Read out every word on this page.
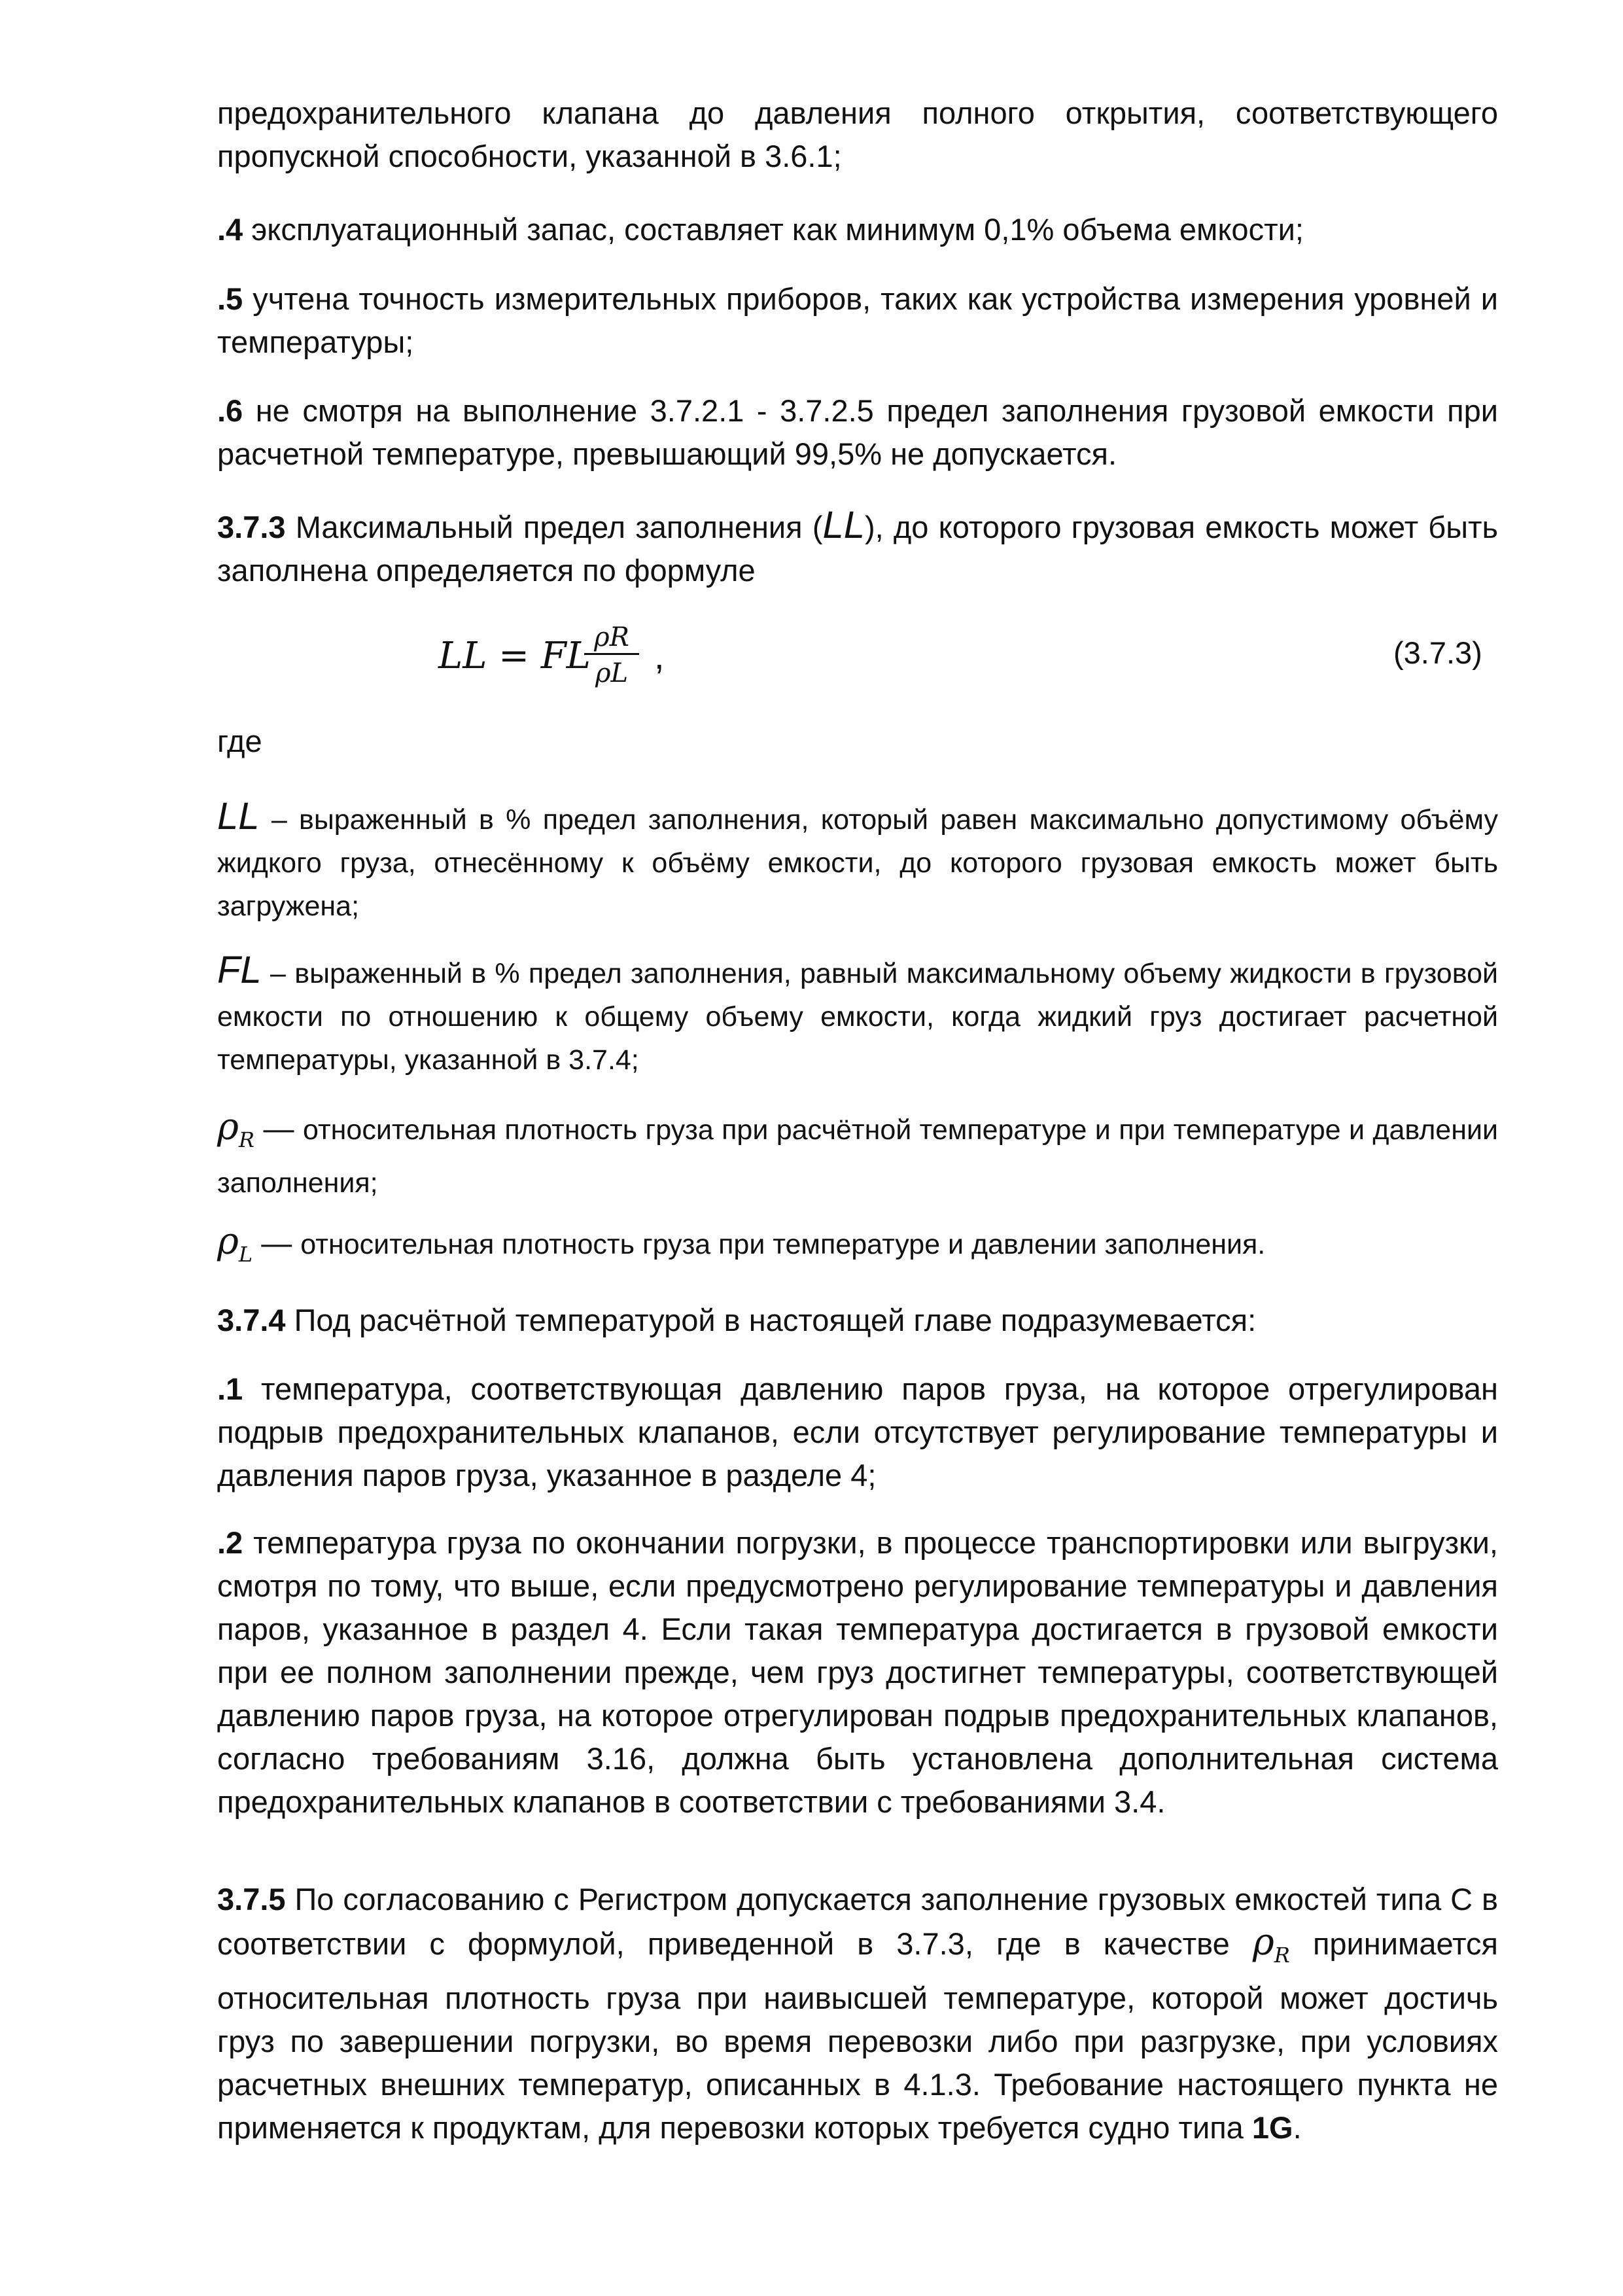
предохранительного клапана до давления полного открытия, соответствующего пропускной способности, указанной в 3.6.1;

.4 эксплуатационный запас, составляет как минимум 0,1% объема емкости;

.5 учтена точность измерительных приборов, таких как устройства измерения уровней и температуры;

.6 не смотря на выполнение 3.7.2.1 - 3.7.2.5 предел заполнения грузовой емкости при расчетной температуре, превышающий 99,5% не допускается.

3.7.3 Максимальный предел заполнения (LL), до которого грузовая емкость может быть заполнена определяется по формуле

LL = FL ρR
ρL ,	(3.7.3)

где

LL – выраженный в % предел заполнения, который равен максимально допустимому объёму жидкого груза, отнесённому к объёму емкости, до которого грузовая емкость может быть загружена;

FL – выраженный в % предел заполнения, равный максимальному объему жидкости в грузовой емкости по отношению к общему объему емкости, когда жидкий груз достигает расчетной температуры, указанной в 3.7.4;

$\rho_R$ — относительная плотность груза при расчётной температуре и при температуре и давлении заполнения;

$\rho_L$ — относительная плотность груза при температуре и давлении заполнения.

3.7.4 Под расчётной температурой в настоящей главе подразумевается:

.1 температура, соответствующая давлению паров груза, на которое отрегулирован подрыв предохранительных клапанов, если отсутствует регулирование температуры и давления паров груза, указанное в разделе 4;

.2 температура груза по окончании погрузки, в процессе транспортировки или выгрузки, смотря по тому, что выше, если предусмотрено регулирование температуры и давления паров, указанное в раздел 4. Если такая температура достигается в грузовой емкости при ее полном заполнении прежде, чем груз достигнет температуры, соответствующей давлению паров груза, на которое отрегулирован подрыв предохранительных клапанов, согласно требованиям 3.16, должна быть установлена дополнительная система предохранительных клапанов в соответствии с требованиями 3.4.

3.7.5 По согласованию с Регистром допускается заполнение грузовых емкостей типа С в соответствии с формулой, приведенной в 3.7.3, где в качестве $\rho_R$ принимается относительная плотность груза при наивысшей температуре, которой может достичь груз по завершении погрузки, во время перевозки либо при разгрузке, при условиях расчетных внешних температур, описанных в 4.1.3. Требование настоящего пункта не применяется к продуктам, для перевозки которых требуется судно типа 1G.
